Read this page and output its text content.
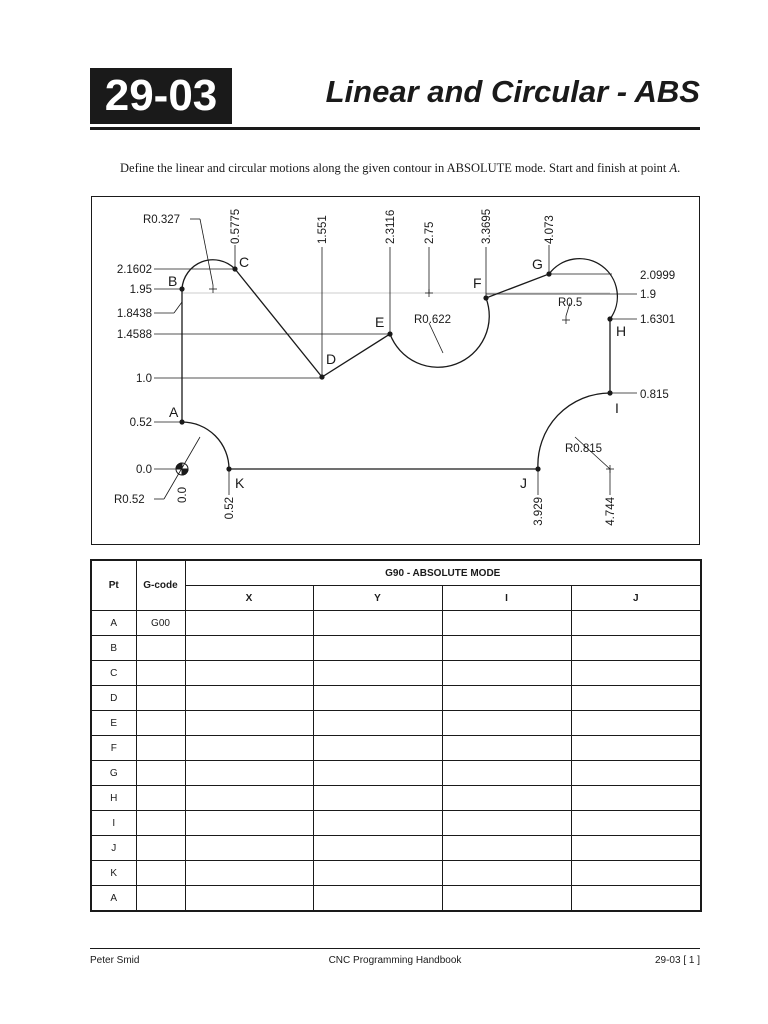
29-03	Linear and Circular - ABS
Define the linear and circular motions along the given contour in ABSOLUTE mode. Start and finish at point A.
A
B
C
D
E
F
G
H
I
J
K
2.1602
1.95
1.8438
1.4588
1.0
0.52
0.0
2.0999
1.9
1.6301
0.815
0.5775	1.551	2.3116 2.75	3.3695	4.073
0.0
0.52	3.929	4.744
R0.327
R0.622
R0.5
R0.815
R0.52
Pt	G-code	G90 - ABSOLUTE MODE			
		X	Y	I	J
A	G00				
B					
C					
D					
E					
F					
G					
H					
I					
J					
K					
A					
Peter Smid	CNC Programming Handbook	29-03 [ 1 ]
